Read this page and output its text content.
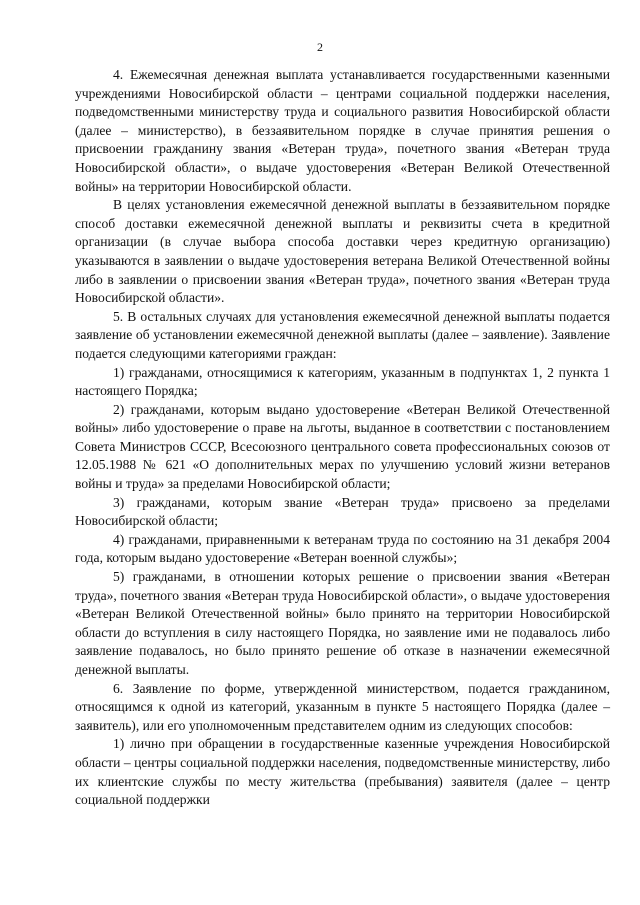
2

4. Ежемесячная денежная выплата устанавливается государственными казенными учреждениями Новосибирской области – центрами социальной поддержки населения, подведомственными министерству труда и социального развития Новосибирской области (далее – министерство), в беззаявительном порядке в случае принятия решения о присвоении гражданину звания «Ветеран труда», почетного звания «Ветеран труда Новосибирской области», о выдаче удостоверения «Ветеран Великой Отечественной войны» на территории Новосибирской области.

В целях установления ежемесячной денежной выплаты в беззаявительном порядке способ доставки ежемесячной денежной выплаты и реквизиты счета в кредитной организации (в случае выбора способа доставки через кредитную организацию) указываются в заявлении о выдаче удостоверения ветерана Великой Отечественной войны либо в заявлении о присвоении звания «Ветеран труда», почетного звания «Ветеран труда Новосибирской области».

5. В остальных случаях для установления ежемесячной денежной выплаты подается заявление об установлении ежемесячной денежной выплаты (далее – заявление). Заявление подается следующими категориями граждан:

1) гражданами, относящимися к категориям, указанным в подпунктах 1, 2 пункта 1 настоящего Порядка;

2) гражданами, которым выдано удостоверение «Ветеран Великой Отечественной войны» либо удостоверение о праве на льготы, выданное в соответствии с постановлением Совета Министров СССР, Всесоюзного центрального совета профессиональных союзов от 12.05.1988 № 621 «О дополнительных мерах по улучшению условий жизни ветеранов войны и труда» за пределами Новосибирской области;

3) гражданами, которым звание «Ветеран труда» присвоено за пределами Новосибирской области;

4) гражданами, приравненными к ветеранам труда по состоянию на 31 декабря 2004 года, которым выдано удостоверение «Ветеран военной службы»;

5) гражданами, в отношении которых решение о присвоении звания «Ветеран труда», почетного звания «Ветеран труда Новосибирской области», о выдаче удостоверения «Ветеран Великой Отечественной войны» было принято на территории Новосибирской области до вступления в силу настоящего Порядка, но заявление ими не подавалось либо заявление подавалось, но было принято решение об отказе в назначении ежемесячной денежной выплаты.

6. Заявление по форме, утвержденной министерством, подается гражданином, относящимся к одной из категорий, указанным в пункте 5 настоящего Порядка (далее – заявитель), или его уполномоченным представителем одним из следующих способов:

1) лично при обращении в государственные казенные учреждения Новосибирской области – центры социальной поддержки населения, подведомственные министерству, либо их клиентские службы по месту жительства (пребывания) заявителя (далее – центр социальной поддержки
